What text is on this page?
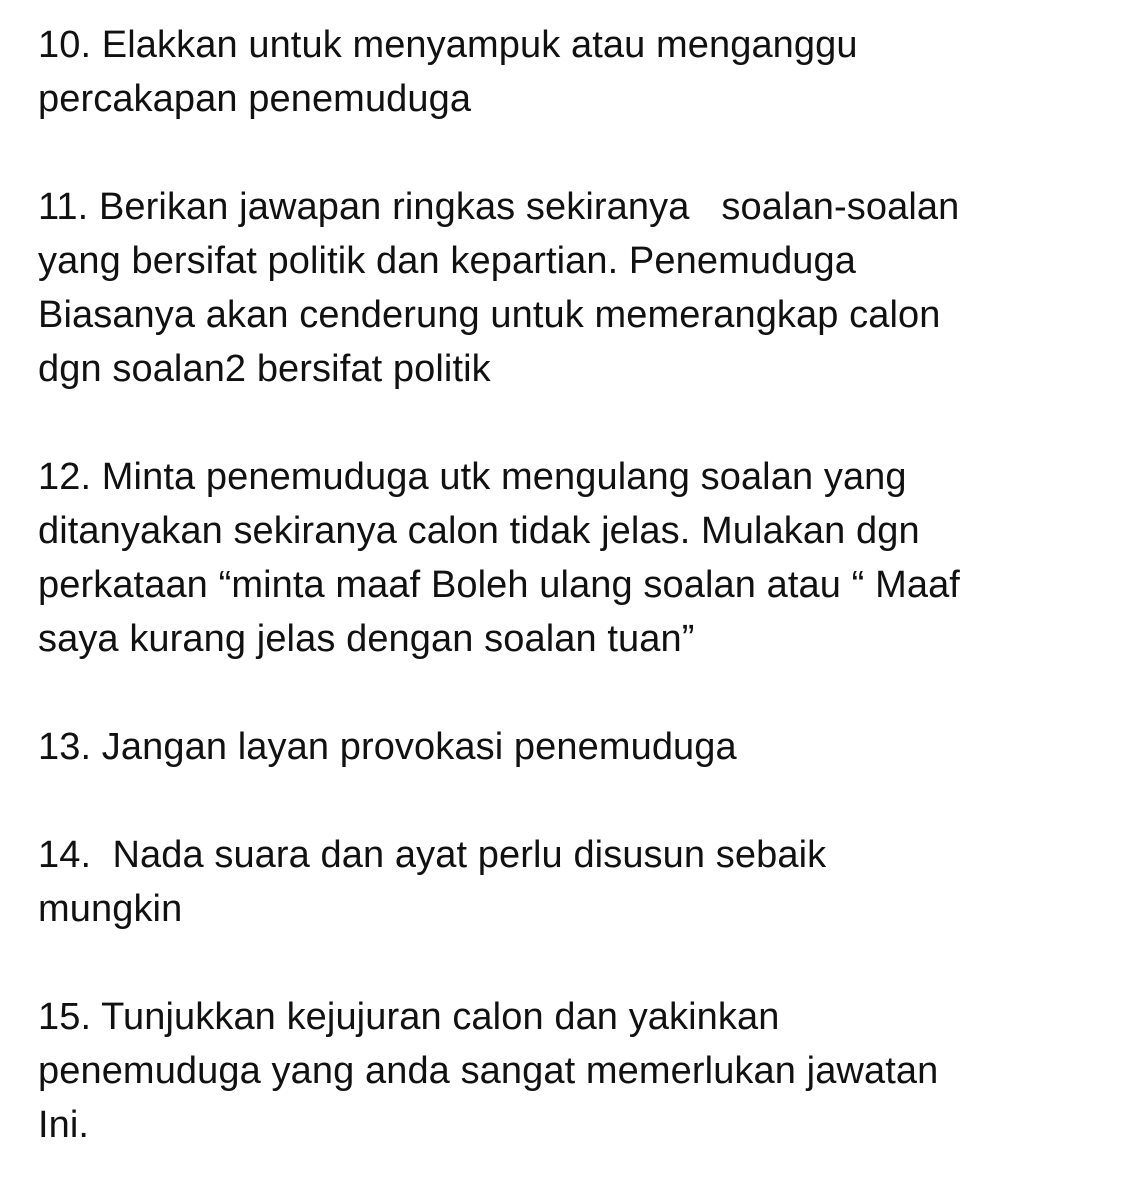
10. Elakkan untuk menyampuk atau menganggu

percakapan penemuduga

11. Berikan jawapan ringkas sekiranya   soalan-soalan

yang bersifat politik dan kepartian. Penemuduga

Biasanya akan cenderung untuk memerangkap calon

dgn soalan2 bersifat politik

12. Minta penemuduga utk mengulang soalan yang

ditanyakan sekiranya calon tidak jelas. Mulakan dgn

perkataan “minta maaf Boleh ulang soalan atau “ Maaf

saya kurang jelas dengan soalan tuan”

13. Jangan layan provokasi penemuduga

14.  Nada suara dan ayat perlu disusun sebaik

mungkin

15. Tunjukkan kejujuran calon dan yakinkan

penemuduga yang anda sangat memerlukan jawatan

Ini.
